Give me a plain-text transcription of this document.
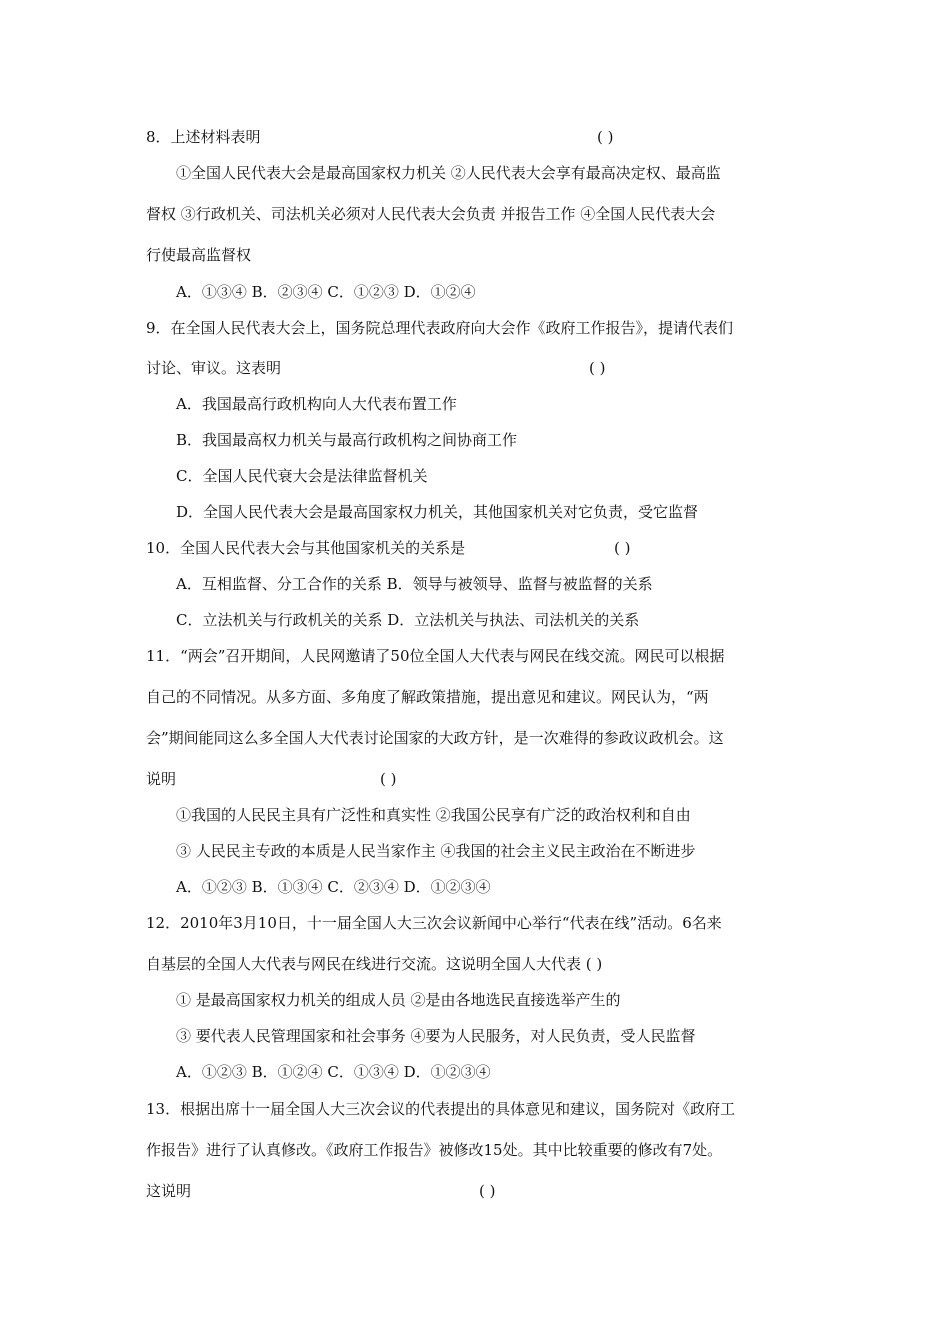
8．上述材料表明	( )
①全国人民代表大会是最高国家权力机关 ②人民代表大会享有最高决定权、最高监
督权 ③行政机关、司法机关必须对人民代表大会负责 并报告工作 ④全国人民代表大会
行使最高监督权
A．①③④ B．②③④ C．①②③ D．①②④
9．在全国人民代表大会上，国务院总理代表政府向大会作《政府工作报告》，提请代表们
讨论、审议。这表明	( )
A．我国最高行政机构向人大代表布置工作
B．我国最高权力机关与最高行政机构之间协商工作
C．全国人民代衰大会是法律监督机关
D．全国人民代表大会是最高国家权力机关，其他国家机关对它负责，受它监督
10．全国人民代表大会与其他国家机关的关系是	( )
A．互相监督、分工合作的关系 B．领导与被领导、监督与被监督的关系
C．立法机关与行政机关的关系 D．立法机关与执法、司法机关的关系
11．“两会”召开期间，人民网邀请了50位全国人大代表与网民在线交流。网民可以根据
自己的不同情况。从多方面、多角度了解政策措施，提出意见和建议。网民认为，“两
会”期间能同这么多全国人大代表讨论国家的大政方针，是一次难得的参政议政机会。这
说明	( )
①我国的人民民主具有广泛性和真实性 ②我国公民享有广泛的政治权利和自由
③ 人民民主专政的本质是人民当家作主 ④我国的社会主义民主政治在不断进步
A．①②③ B．①③④ C．②③④ D．①②③④
12．2010年3月10日，十一届全国人大三次会议新闻中心举行“代表在线”活动。6名来
自基层的全国人大代表与网民在线进行交流。这说明全国人大代表 ( )
① 是最高国家权力机关的组成人员 ②是由各地选民直接选举产生的
③ 要代表人民管理国家和社会事务 ④要为人民服务，对人民负责，受人民监督
A．①②③ B．①②④ C．①③④ D．①②③④
13．根据出席十一届全国人大三次会议的代表提出的具体意见和建议，国务院对《政府工
作报告》进行了认真修改。《政府工作报告》被修改15处。其中比较重要的修改有7处。
这说明	( )
